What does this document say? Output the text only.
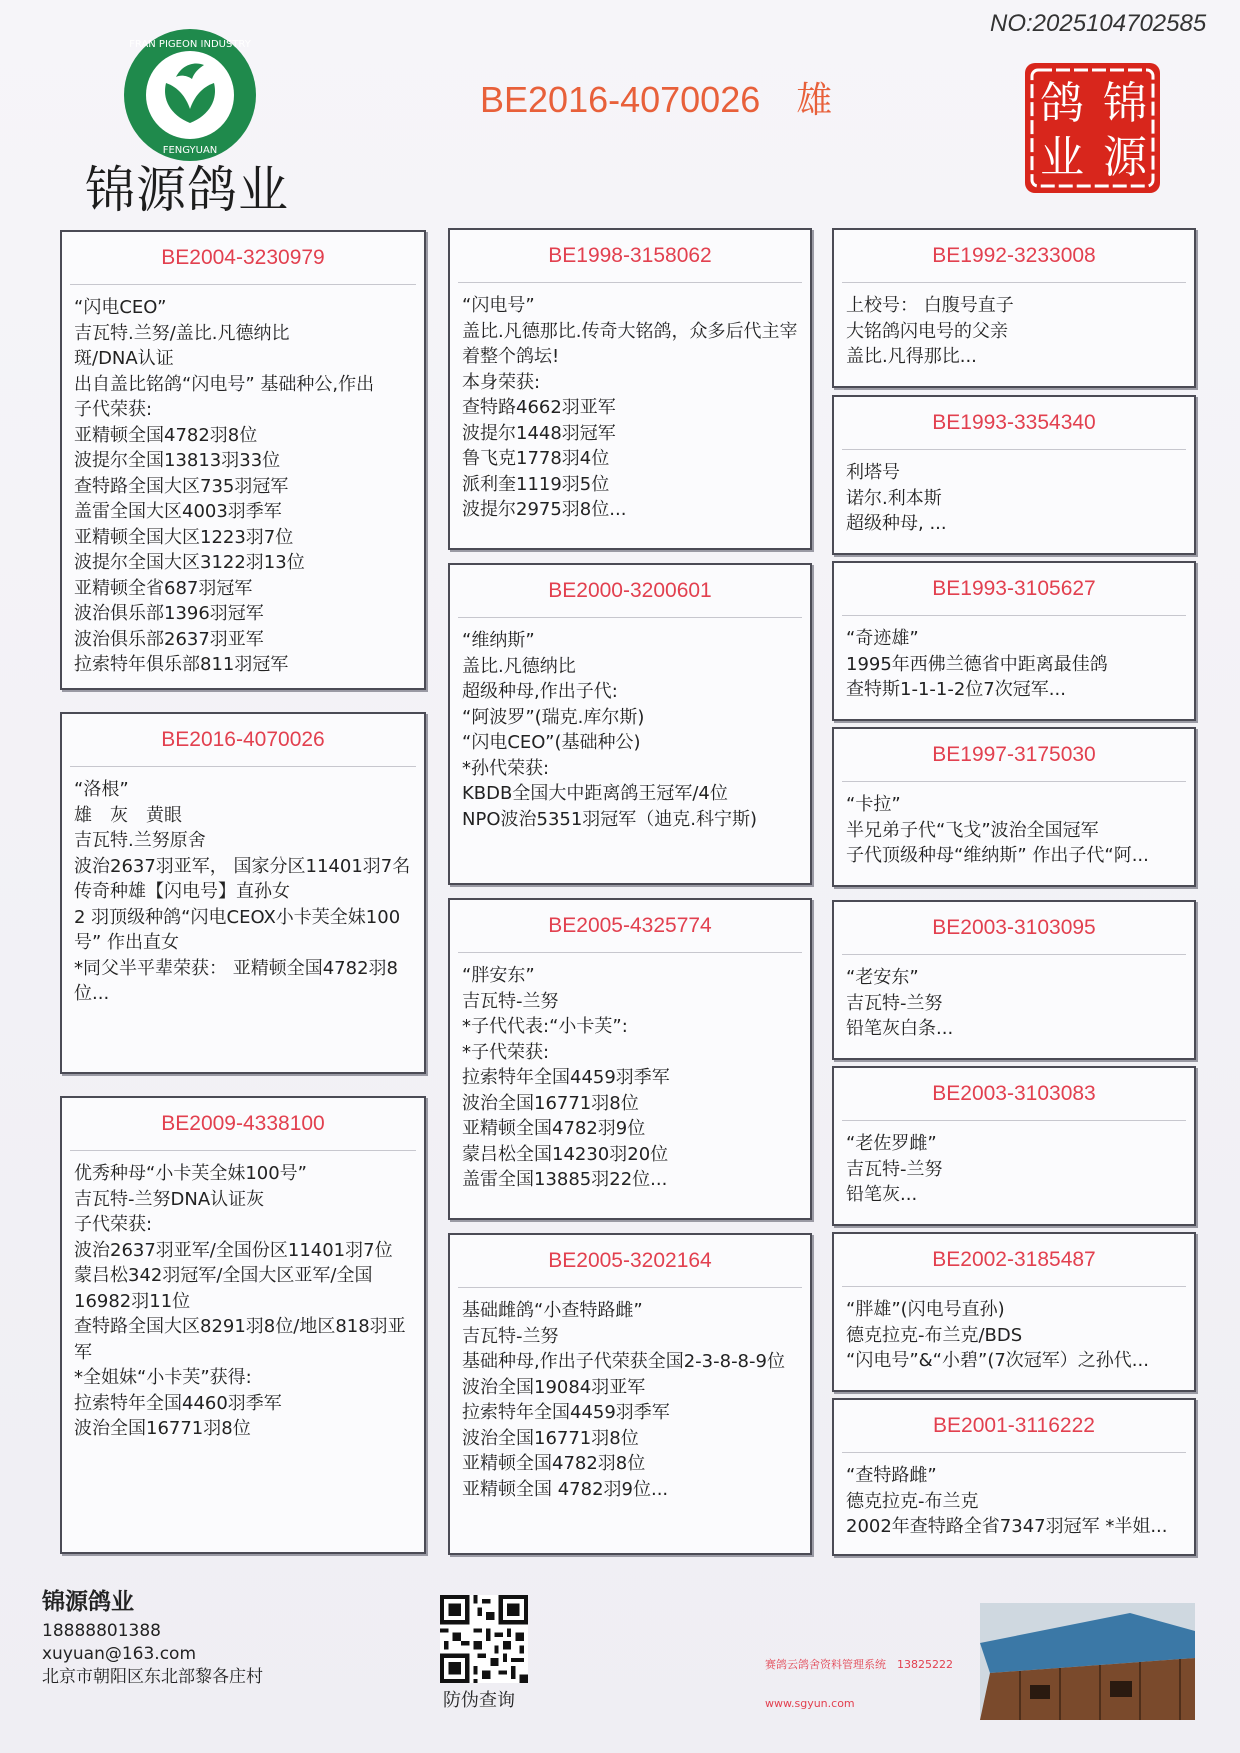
NO:2025104702585
FRAN PIGEON INDUSTRY
FENGYUAN
锦源鸽业
BE2016-4070026 雄	锦
源
鸽
业
BE2004-3230979
“闪电CEO”
吉瓦特.兰努/盖比.凡德纳比
斑/DNA认证
出自盖比铭鸽“闪电号” 基础种公,作出
子代荣获:
亚精顿全国4782羽8位
波提尔全国13813羽33位
查特路全国大区735羽冠军
盖雷全国大区4003羽季军
亚精顿全国大区1223羽7位
波提尔全国大区3122羽13位
亚精顿全省687羽冠军
波治俱乐部1396羽冠军
波治俱乐部2637羽亚军
拉索特年俱乐部811羽冠军
BE2016-4070026
“洛根”
雄　灰　黄眼
吉瓦特.兰努原舍
波治2637羽亚军， 国家分区11401羽7名
传奇种雄【闪电号】直孙女
2 羽顶级种鸽“闪电CEOX小卡芙全妹100号” 作出直女
*同父半平辈荣获： 亚精顿全国4782羽8位...
BE2009-4338100
优秀种母“小卡芙全妹100号”
吉瓦特-兰努DNA认证灰
子代荣获:
波治2637羽亚军/全国份区11401羽7位
蒙吕松342羽冠军/全国大区亚军/全国16982羽11位
查特路全国大区8291羽8位/地区818羽亚军
*全姐妹“小卡芙”获得:
拉索特年全国4460羽季军
波治全国16771羽8位
BE1998-3158062
“闪电号”
盖比.凡德那比.传奇大铭鸽，众多后代主宰着整个鸽坛!
本身荣获:
查特路4662羽亚军
波提尔1448羽冠军
鲁飞克1778羽4位
派利奎1119羽5位
波提尔2975羽8位...
BE2000-3200601
“维纳斯”
盖比.凡德纳比
超级种母,作出子代:
“阿波罗”(瑞克.库尔斯)
“闪电CEO”(基础种公)
*孙代荣获:
KBDB全国大中距离鸽王冠军/4位
NPO波治5351羽冠军（迪克.科宁斯)
BE2005-4325774
“胖安东”
吉瓦特-兰努
*子代代表:“小卡芙”:
*子代荣获:
拉索特年全国4459羽季军
波治全国16771羽8位
亚精顿全国4782羽9位
蒙吕松全国14230羽20位
盖雷全国13885羽22位...
BE2005-3202164
基础雌鸽“小查特路雌”
吉瓦特-兰努
基础种母,作出子代荣获全国2-3-8-8-9位
波治全国19084羽亚军
拉索特年全国4459羽季军
波治全国16771羽8位
亚精顿全国4782羽8位
亚精顿全国 4782羽9位...
BE1992-3233008
上校号： 白腹号直子
大铭鸽闪电号的父亲
盖比.凡得那比...
BE1993-3354340
利塔号
诺尔.利本斯
超级种母, ...
BE1993-3105627
“奇迹雄”
1995年西佛兰德省中距离最佳鸽
查特斯1-1-1-2位7次冠军...
BE1997-3175030
“卡拉”
半兄弟子代“飞戈”波治全国冠军
子代顶级种母“维纳斯” 作出子代“阿...
BE2003-3103095
“老安东”
吉瓦特-兰努
铅笔灰白条...
BE2003-3103083
“老佐罗雌”
吉瓦特-兰努
铅笔灰...
BE2002-3185487
“胖雄”(闪电号直孙)
德克拉克-布兰克/BDS
“闪电号”&“小碧”(7次冠军）之孙代...
BE2001-3116222
“查特路雌”
德克拉克-布兰克
2002年查特路全省7347羽冠军 *半姐...
锦源鸽业
18888801388
xuyuan@163.com
北京市朝阳区东北部黎各庄村
防伪查询
赛鸽云鸽舍资料管理系统　13825222
www.sgyun.com
